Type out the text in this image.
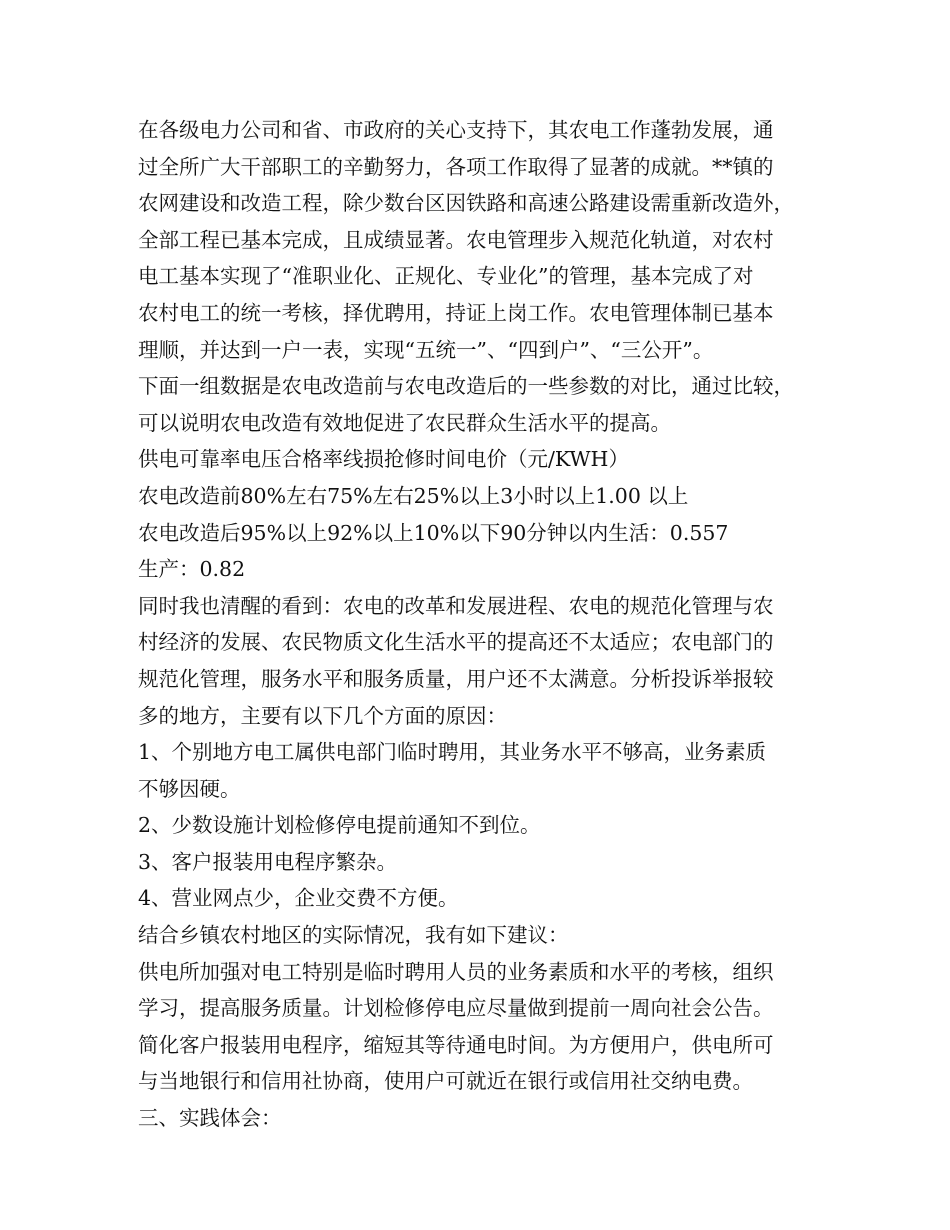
在各级电力公司和省、市政府的关心支持下，其农电工作蓬勃发展，通
过全所广大干部职工的辛勤努力，各项工作取得了显著的成就。**镇的
农网建设和改造工程，除少数台区因铁路和高速公路建设需重新改造外，
全部工程已基本完成，且成绩显著。农电管理步入规范化轨道，对农村
电工基本实现了“准职业化、正规化、专业化”的管理，基本完成了对
农村电工的统一考核，择优聘用，持证上岗工作。农电管理体制已基本
理顺，并达到一户一表，实现“五统一”、“四到户”、“三公开”。
下面一组数据是农电改造前与农电改造后的一些参数的对比，通过比较，
可以说明农电改造有效地促进了农民群众生活水平的提高。
供电可靠率电压合格率线损抢修时间电价（元/KWH）
农电改造前80%左右75%左右25%以上3小时以上1.00 以上
农电改造后95%以上92%以上10%以下90分钟以内生活：0.557
生产：0.82
同时我也清醒的看到：农电的改革和发展进程、农电的规范化管理与农
村经济的发展、农民物质文化生活水平的提高还不太适应；农电部门的
规范化管理，服务水平和服务质量，用户还不太满意。分析投诉举报较
多的地方，主要有以下几个方面的原因：
1、个别地方电工属供电部门临时聘用，其业务水平不够高，业务素质
不够因硬。
2、少数设施计划检修停电提前通知不到位。
3、客户报装用电程序繁杂。
4、营业网点少，企业交费不方便。
结合乡镇农村地区的实际情况，我有如下建议：
供电所加强对电工特别是临时聘用人员的业务素质和水平的考核，组织
学习，提高服务质量。计划检修停电应尽量做到提前一周向社会公告。
简化客户报装用电程序，缩短其等待通电时间。为方便用户，供电所可
与当地银行和信用社协商，使用户可就近在银行或信用社交纳电费。
三、实践体会：
